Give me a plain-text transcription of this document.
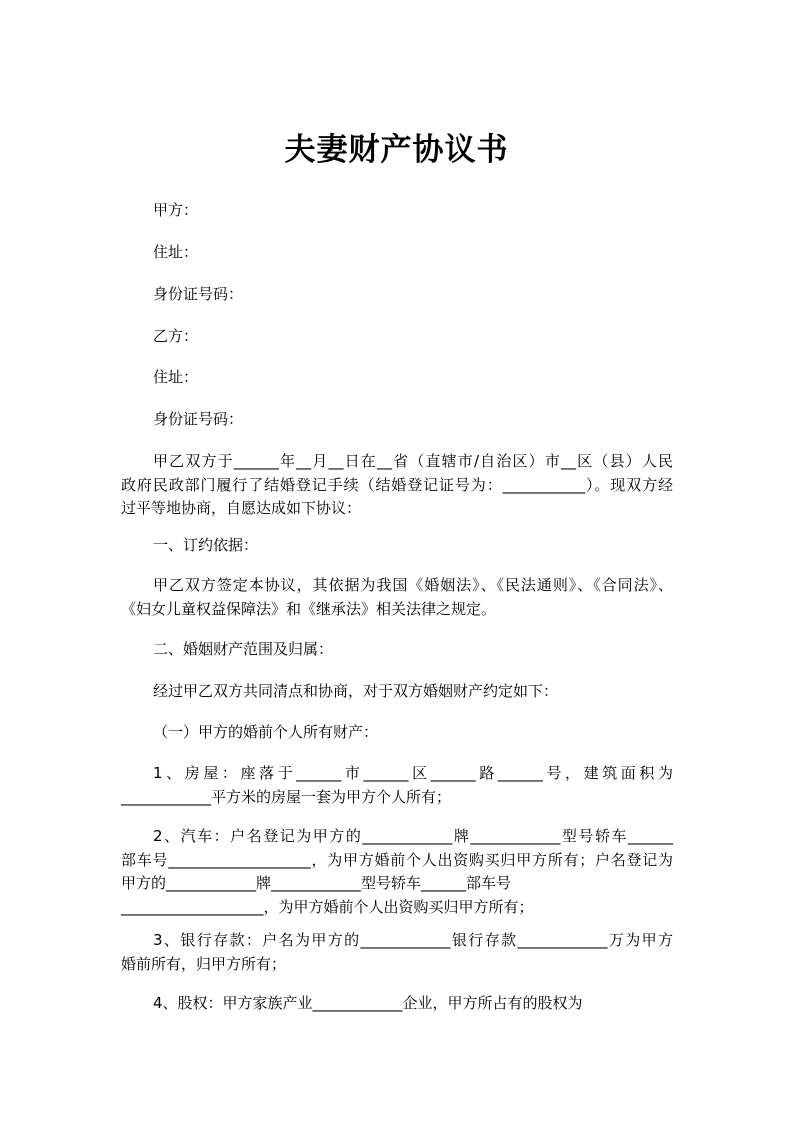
夫妻财产协议书
甲方：
住址：
身份证号码：
乙方：
住址：
身份证号码：
甲乙双方于______年__月__日在__省（直辖市/自治区）市__区（县）人民
政府民政部门履行了结婚登记手续（结婚登记证号为：___________）。现双方经
过平等地协商，自愿达成如下协议：
一、订约依据：
甲乙双方签定本协议，其依据为我国《婚姻法》、《民法通则》、《合同法》、
《妇女儿童权益保障法》和《继承法》相关法律之规定。
二、婚姻财产范围及归属：
经过甲乙双方共同清点和协商，对于双方婚姻财产约定如下：
（一）甲方的婚前个人所有财产：
1、房屋：座落于______市______区______路______号，建筑面积为
____________平方米的房屋一套为甲方个人所有；
2、汽车：户名登记为甲方的____________牌____________型号轿车______
部车号___________________，为甲方婚前个人出资购买归甲方所有；户名登记为
甲方的____________牌____________型号轿车______部车号
___________________，为甲方婚前个人出资购买归甲方所有；
3、银行存款：户名为甲方的____________银行存款____________万为甲方
婚前所有，归甲方所有；
4、股权：甲方家族产业____________企业，甲方所占有的股权为
